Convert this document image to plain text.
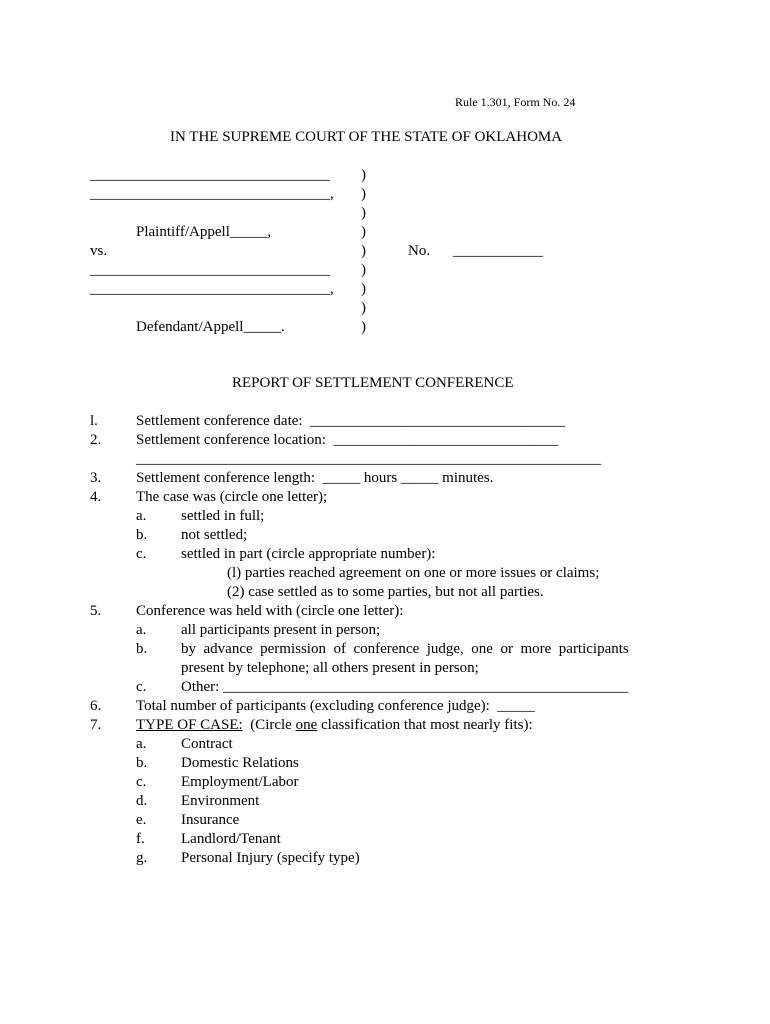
Rule 1.301, Form No. 24
IN THE SUPREME COURT OF THE STATE OF OKLAHOMA
________________________________
________________________________,
Plaintiff/Appell_____,
vs.
________________________________
________________________________,
Defendant/Appell_____.
)
)
)
)
)
)
)
)
)
No. ____________
REPORT OF SETTLEMENT CONFERENCE
l.	Settlement conference date:  __________________________________
2. Settlement conference location:  ______________________________
______________________________________________________________
3. Settlement conference length:  _____ hours _____ minutes.
4. The case was (circle one letter);
a. settled in full;
b. not settled;
c. settled in part (circle appropriate number):
(l) parties reached agreement on one or more issues or claims;
(2) case settled as to some parties, but not all parties.
5. Conference was held with (circle one letter):
a. all participants present in person;
b. by  advance  permission  of  conference  judge,  one  or  more  participants
present by telephone; all others present in person;
c. Other: ______________________________________________________
6. Total number of participants (excluding conference judge):  _____
7. TYPE OF CASE:  (Circle one classification that most nearly fits):
a. Contract
b. Domestic Relations
c. Employment/Labor
d. Environment
e. Insurance
f. Landlord/Tenant
g. Personal Injury (specify type)
